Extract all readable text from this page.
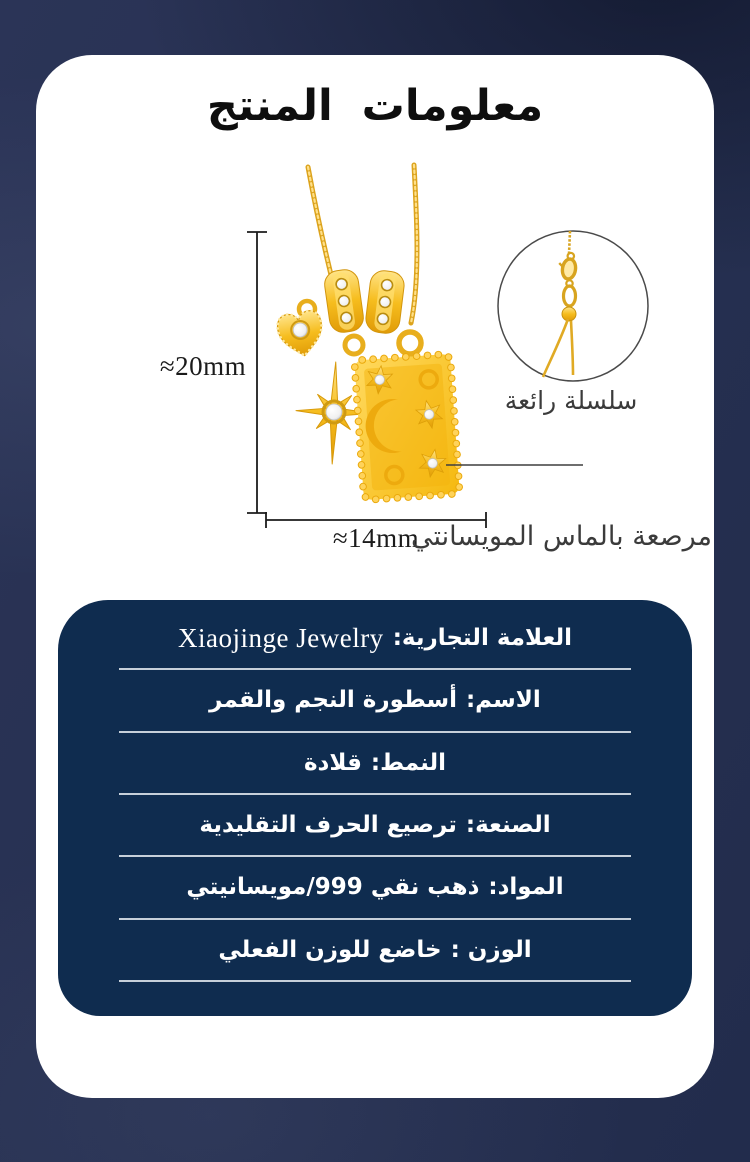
معلومات المنتج
≈20mm
≈14mm
سلسلة رائعة
مرصعة بالماس المويسانتي
العلامة التجارية:
Xiaojinge Jewelry
الاسم:
أسطورة النجم والقمر
النمط:
قلادة
الصنعة:
ترصيع الحرف التقليدية
المواد:
ذهب نقي 999/مويسانيتي
الوزن :
خاضع للوزن الفعلي
